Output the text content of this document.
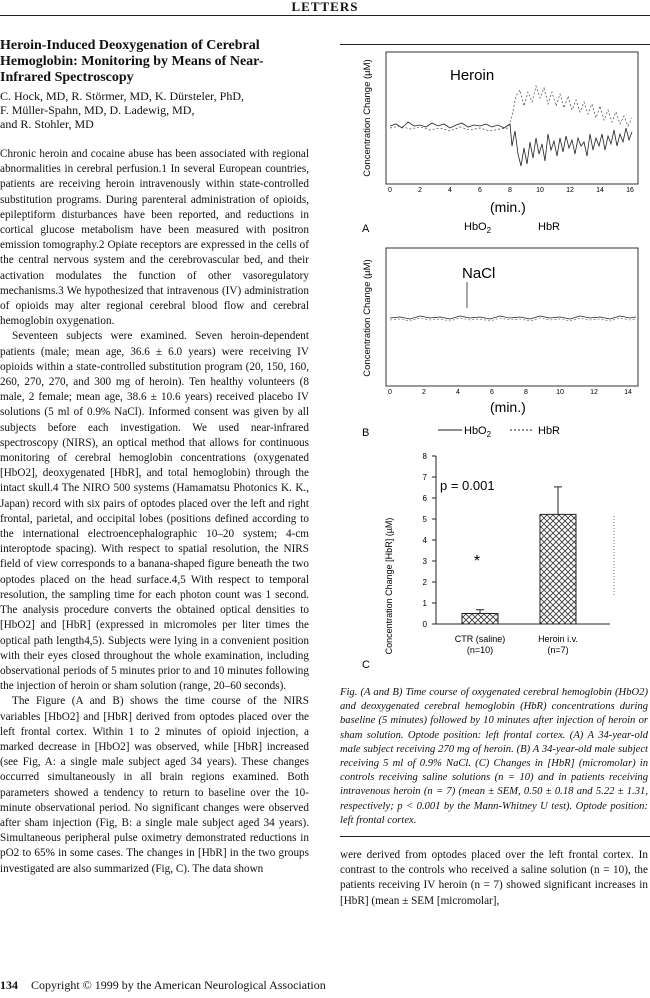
LETTERS
Heroin-Induced Deoxygenation of Cerebral Hemoglobin: Monitoring by Means of Near-Infrared Spectroscopy
C. Hock, MD, R. Störmer, MD, K. Dürsteler, PhD,
F. Müller-Spahn, MD, D. Ladewig, MD,
and R. Stohler, MD

Chronic heroin and cocaine abuse has been associated with regional abnormalities in cerebral perfusion.1 In several European countries, patients are receiving heroin intravenously within state-controlled substitution programs. During parenteral administration of opioids, epileptiform disturbances have been reported, and reductions in cortical glucose metabolism have been measured with positron emission tomography.2 Opiate receptors are expressed in the cells of the central nervous system and the cerebrovascular bed, and their activation modulates the function of other vasoregulatory mechanisms.3 We hypothesized that intravenous (IV) administration of opioids may alter regional cerebral blood flow and cerebral hemoglobin oxygenation.

Seventeen subjects were examined. Seven heroin-dependent patients (male; mean age, 36.6 ± 6.0 years) were receiving IV opioids within a state-controlled substitution program (20, 150, 160, 260, 270, 270, and 300 mg of heroin). Ten healthy volunteers (8 male, 2 female; mean age, 38.6 ± 10.6 years) received placebo IV solutions (5 ml of 0.9% NaCl). Informed consent was given by all subjects before each investigation. We used near-infrared spectroscopy (NIRS), an optical method that allows for continuous monitoring of cerebral hemoglobin concentrations (oxygenated [HbO2], deoxygenated [HbR], and total hemoglobin) through the intact skull.4 The NIRO 500 systems (Hamamatsu Photonics K. K., Japan) record with six pairs of optodes placed over the left and right frontal, parietal, and occipital lobes (positions defined according to the international electroencephalographic 10–20 system; 4-cm interoptode spacing). With respect to spatial resolution, the NIRS field of view corresponds to a banana-shaped figure beneath the two optodes placed on the head surface.4,5 With respect to temporal resolution, the sampling time for each photon count was 1 second. The analysis procedure converts the obtained optical densities to [HbO2] and [HbR] (expressed in micromoles per liter times the optical path length4,5). Subjects were lying in a convenient position with their eyes closed throughout the whole examination, including observational periods of 5 minutes prior to and 10 minutes following the injection of heroin or sham solution (range, 20–60 seconds).

The Figure (A and B) shows the time course of the NIRS variables [HbO2] and [HbR] derived from optodes placed over the left frontal cortex. Within 1 to 2 minutes of opioid injection, a marked decrease in [HbO2] was observed, while [HbR] increased (see Fig, A: a single male subject aged 34 years). These changes occurred simultaneously in all brain regions examined. Both parameters showed a tendency to return to baseline over the 10-minute observational period. No significant changes were observed after sham injection (Fig, B: a single male subject aged 34 years). Simultaneous peripheral pulse oximetry demonstrated reductions in pO2 to 65% in some cases. The changes in [HbR] in the two groups investigated are also summarized (Fig, C). The data shown

Concentration Change (µM)	Heroin
0	2	4	6	8	10	12	14	16
(min.)
A	HbO$_2$	HbR
Concentration Change (µM)	NaCl
0	2	4	6	8	10	12	14
(min.)
B	HbO$_2$	HbR
Concentration Change [HbR] (µM)	0
1
2
3
4
5
6
7
8
CTR (saline)
(n=10)
Heroin i.v.
(n=7)
p = 0.001
*
C
Fig. (A and B) Time course of oxygenated cerebral hemoglobin (HbO2) and deoxygenated cerebral hemoglobin (HbR) concentrations during baseline (5 minutes) followed by 10 minutes after injection of heroin or sham solution. Optode position: left frontal cortex. (A) A 34-year-old male subject receiving 270 mg of heroin. (B) A 34-year-old male subject receiving 5 ml of 0.9% NaCl. (C) Changes in [HbR] (micromolar) in controls receiving saline solutions (n = 10) and in patients receiving intravenous heroin (n = 7) (mean ± SEM, 0.50 ± 0.18 and 5.22 ± 1.31, respectively; p < 0.001 by the Mann-Whitney U test). Optode position: left frontal cortex.
were derived from optodes placed over the left frontal cortex. In contrast to the controls who received a saline solution (n = 10), the patients receiving IV heroin (n = 7) showed significant increases in [HbR] (mean ± SEM [micromolar],
134 Copyright © 1999 by the American Neurological Association
